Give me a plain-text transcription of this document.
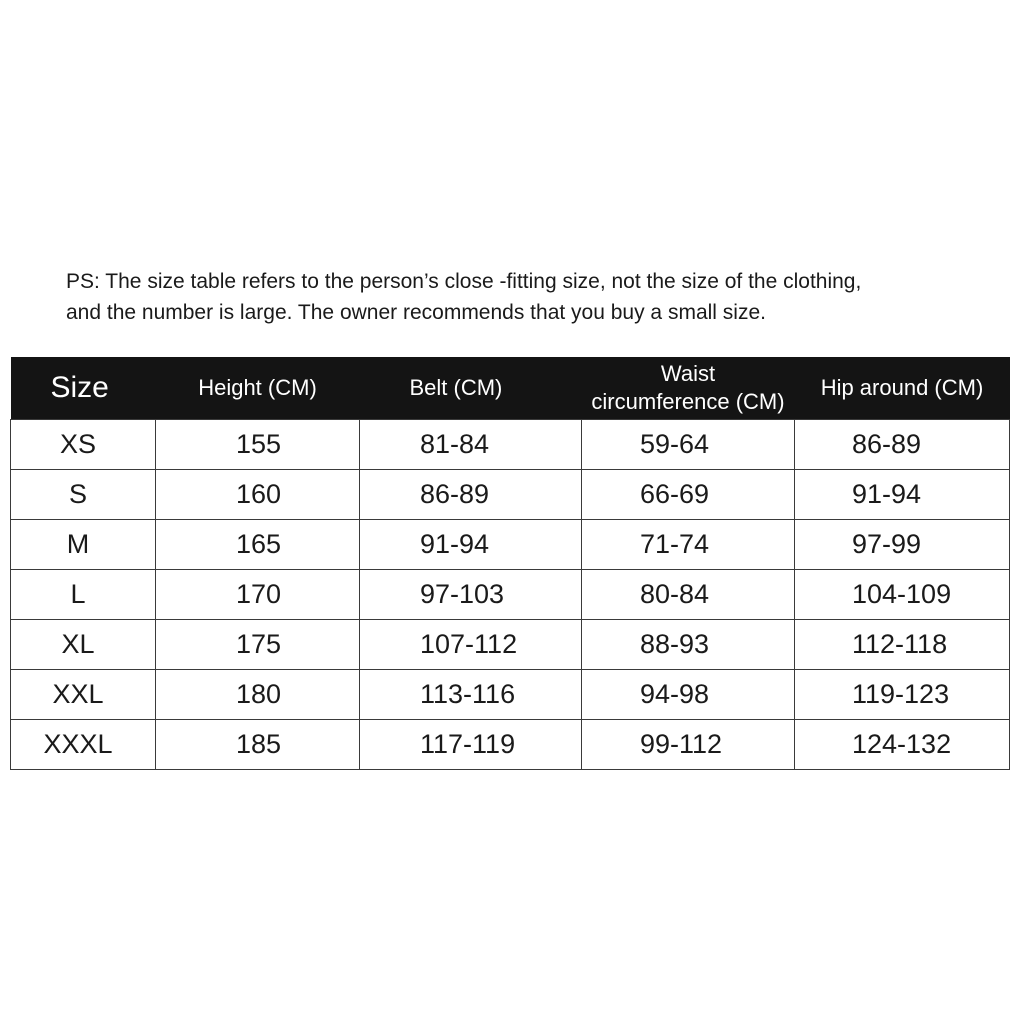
PS: The size table refers to the person’s close -fitting size, not the size of the clothing,
and the number is large. The owner recommends that you buy a small size.
Size	Height (CM)	Belt (CM)	Waist
circumference (CM)	Hip around (CM)
XS	155	81-84	59-64	86-89
S	160	86-89	66-69	91-94
M	165	91-94	71-74	97-99
L	170	97-103	80-84	104-109
XL	175	107-112	88-93	112-118
XXL	180	113-116	94-98	119-123
XXXL	185	117-119	99-112	124-132
